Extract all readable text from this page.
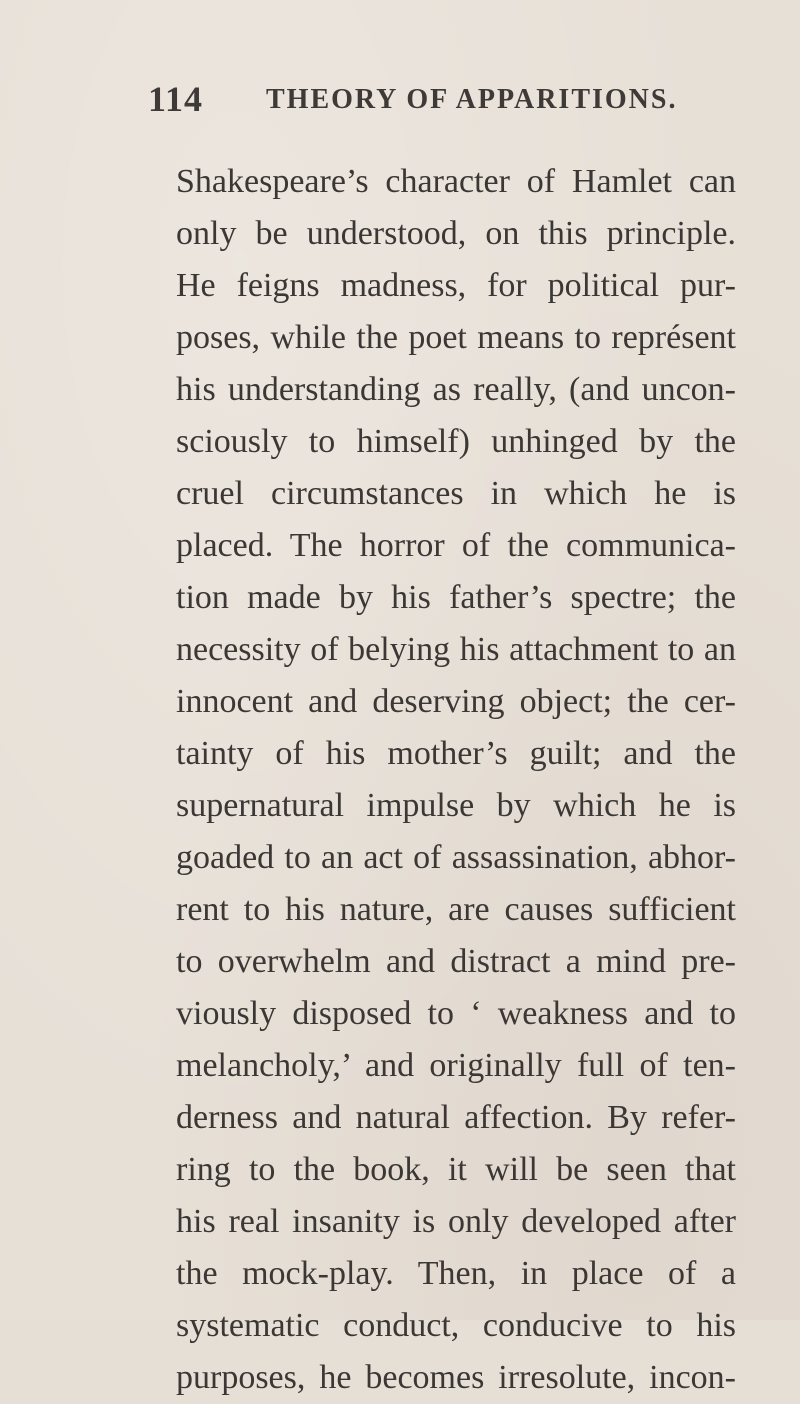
114 THEORY OF APPARITIONS.
Shakespeare’s character of Hamlet can
only be understood, on this principle.
He feigns madness, for political pur-
poses, while the poet means to représent
his understanding as really, (and uncon-
sciously to himself) unhinged by the
cruel circumstances in which he is
placed. The horror of the communica-
tion made by his father’s spectre; the
necessity of belying his attachment to an
innocent and deserving object; the cer-
tainty of his mother’s guilt; and the
supernatural impulse by which he is
goaded to an act of assassination, abhor-
rent to his nature, are causes sufficient
to overwhelm and distract a mind pre-
viously disposed to ‘ weakness and to
melancholy,’ and originally full of ten-
derness and natural affection. By refer-
ring to the book, it will be seen that
his real insanity is only developed after
the mock-play. Then, in place of a
systematic conduct, conducive to his
purposes, he becomes irresolute, incon-
